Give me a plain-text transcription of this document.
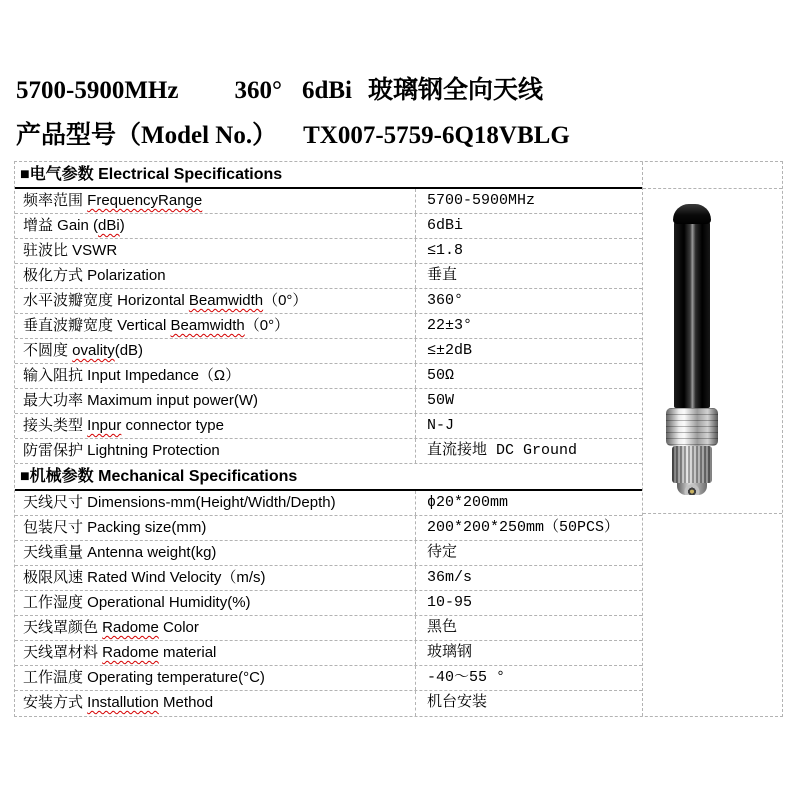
5700-5900MHz 360° 6dBi 玻璃钢全向天线
产品型号（Model No.） TX007-5759-6Q18VBLG
■电气参数 Electrical Specifications
频率范围 FrequencyRange	5700-5900MHz
增益 Gain (dBi)	6dBi
驻波比 VSWR	≤1.8
极化方式 Polarization	垂直
水平波瓣宽度 Horizontal Beamwidth（0°）	360°
垂直波瓣宽度 Vertical Beamwidth（0°）	22±3°
不圆度 ovality(dB)	≤±2dB
输入阻抗 Input Impedance（Ω）	50Ω
最大功率 Maximum input power(W)	50W
接头类型 Inpur connector type	N-J
防雷保护 Lightning Protection	直流接地 DC Ground
■机械参数 Mechanical Specifications
天线尺寸 Dimensions-mm(Height/Width/Depth)	ϕ20*200mm
包装尺寸 Packing size(mm)	200*200*250mm（50PCS）
天线重量 Antenna weight(kg)	待定
极限风速 Rated Wind Velocity（m/s)	36m/s
工作湿度 Operational Humidity(%)	10-95
天线罩颜色 Radome Color	黑色
天线罩材料 Radome material	玻璃钢
工作温度 Operating temperature(°C)	-40～55 °
安装方式 Installution Method	机台安装
